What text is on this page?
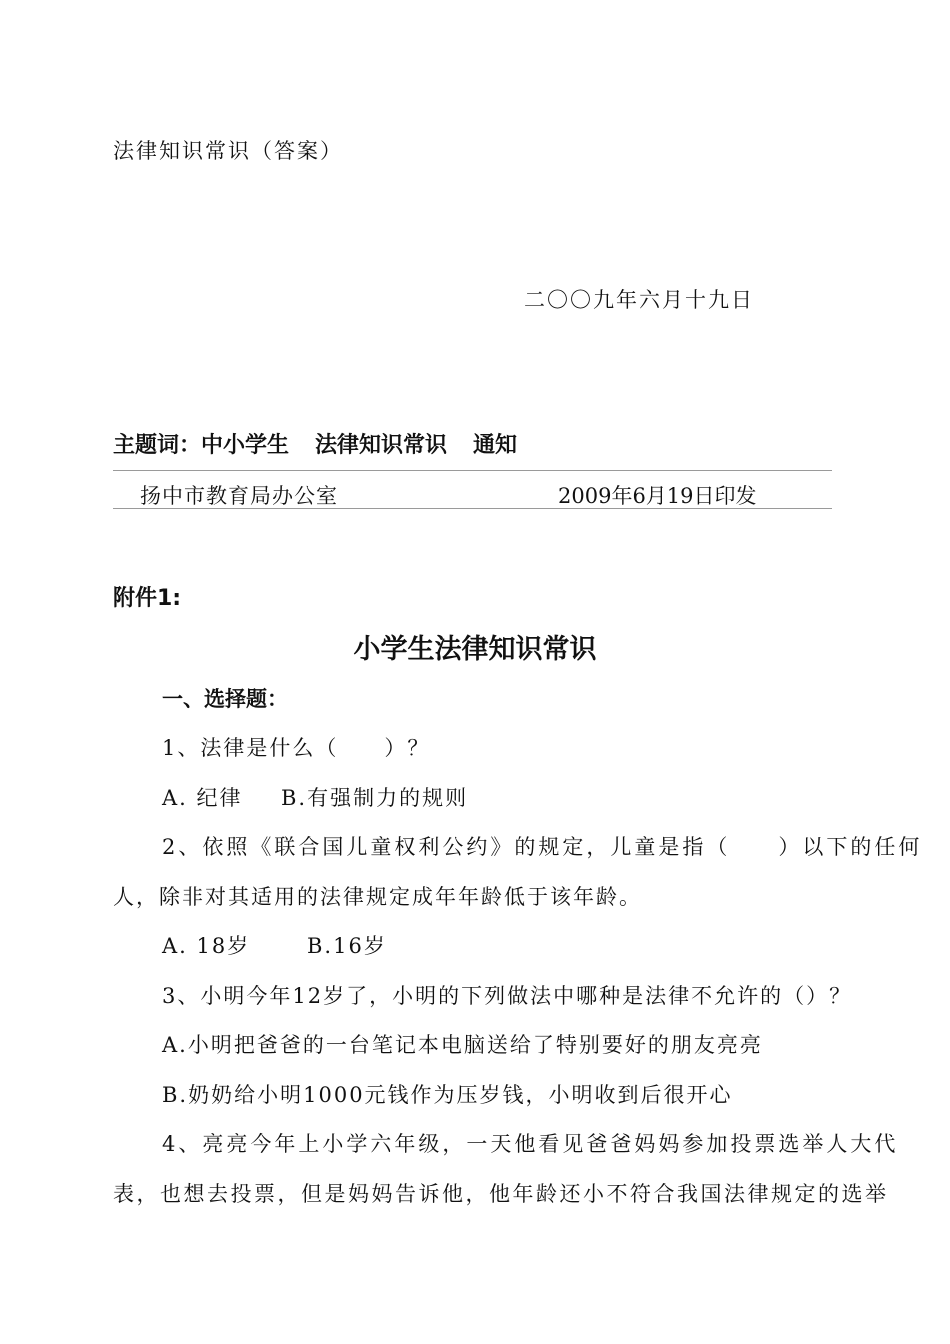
法律知识常识（答案）
二〇〇九年六月十九日
主题词：中小学生 法律知识常识 通知
扬中市教育局办公室	2009年6月19日印发
附件1:
小学生法律知识常识
一、选择题：
1、法律是什么（　　）？
A. 纪律 B.有强制力的规则
2、依照《联合国儿童权利公约》的规定，儿童是指（　　）以下的任何
人，除非对其适用的法律规定成年年龄低于该年龄。
A. 18岁	B.16岁
3、小明今年12岁了，小明的下列做法中哪种是法律不允许的（）？
A.小明把爸爸的一台笔记本电脑送给了特别要好的朋友亮亮
B.奶奶给小明1000元钱作为压岁钱，小明收到后很开心
4、亮亮今年上小学六年级，一天他看见爸爸妈妈参加投票选举人大代
表，也想去投票，但是妈妈告诉他，他年龄还小不符合我国法律规定的选举
